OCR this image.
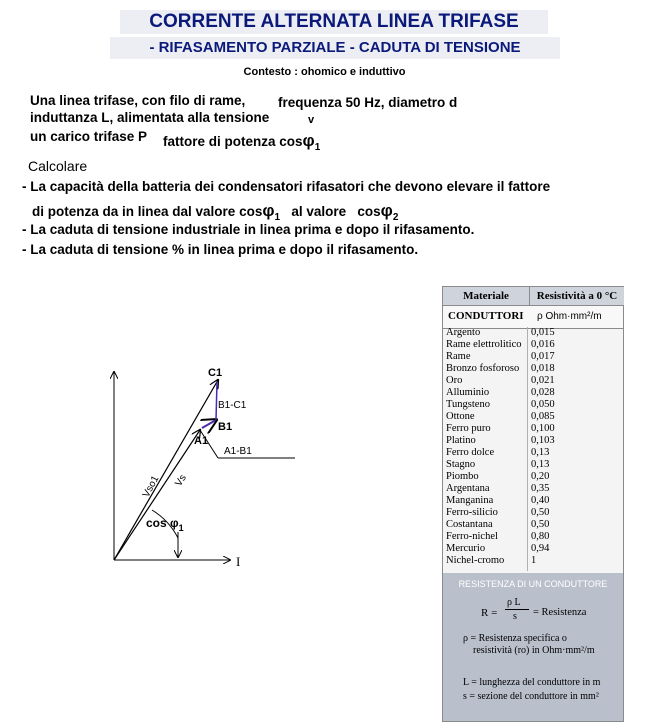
CORRENTE ALTERNATA LINEA TRIFASE
- RIFASAMENTO PARZIALE - CADUTA DI TENSIONE
Contesto : ohomico e induttivo
Una linea trifase, con filo di rame, frequenza 50 Hz, diametro d
induttanza L, alimentata alla tensione	v
un carico trifase P fattore di potenza cosφ$_1$
Calcolare
- La capacità della batteria dei condensatori rifasatori che devono elevare il fattore
di potenza da in linea dal valore cosφ$_1$ al valore cosφ$_2$
- La caduta di tensione industriale in linea prima e dopo il rifasamento.
- La caduta di tensione % in linea prima e dopo il rifasamento.
C1
B1-C1
B1
A1
A1-B1
Vso1 Vs
$\cos \varphi_1$
I
Materiale	Resistività a 0 °C
CONDUTTORI ρ Ohm·mm²/m
Argento	0,015
Rame elettrolitico 0,016
Rame	0,017
Bronzo fosforoso 0,018
Oro	0,021
Alluminio	0,028
Tungsteno	0,050
Ottone	0,085
Ferro puro	0,100
Platino	0,103
Ferro dolce	0,13
Stagno	0,13
Piombo	0,20
Argentana	0,35
Manganina	0,40
Ferro-silicio	0,50
Costantana	0,50
Ferro-nichel	0,80
Mercurio	0,94
Nichel-cromo	1
RESISTENZA DI UN CONDUTTORE
R =
ρ L
s = Resistenza
ρ = Resistenza specifica o
resistività (ro) in Ohm·mm²/m
L = lunghezza del conduttore in m
s = sezione del conduttore in mm²
